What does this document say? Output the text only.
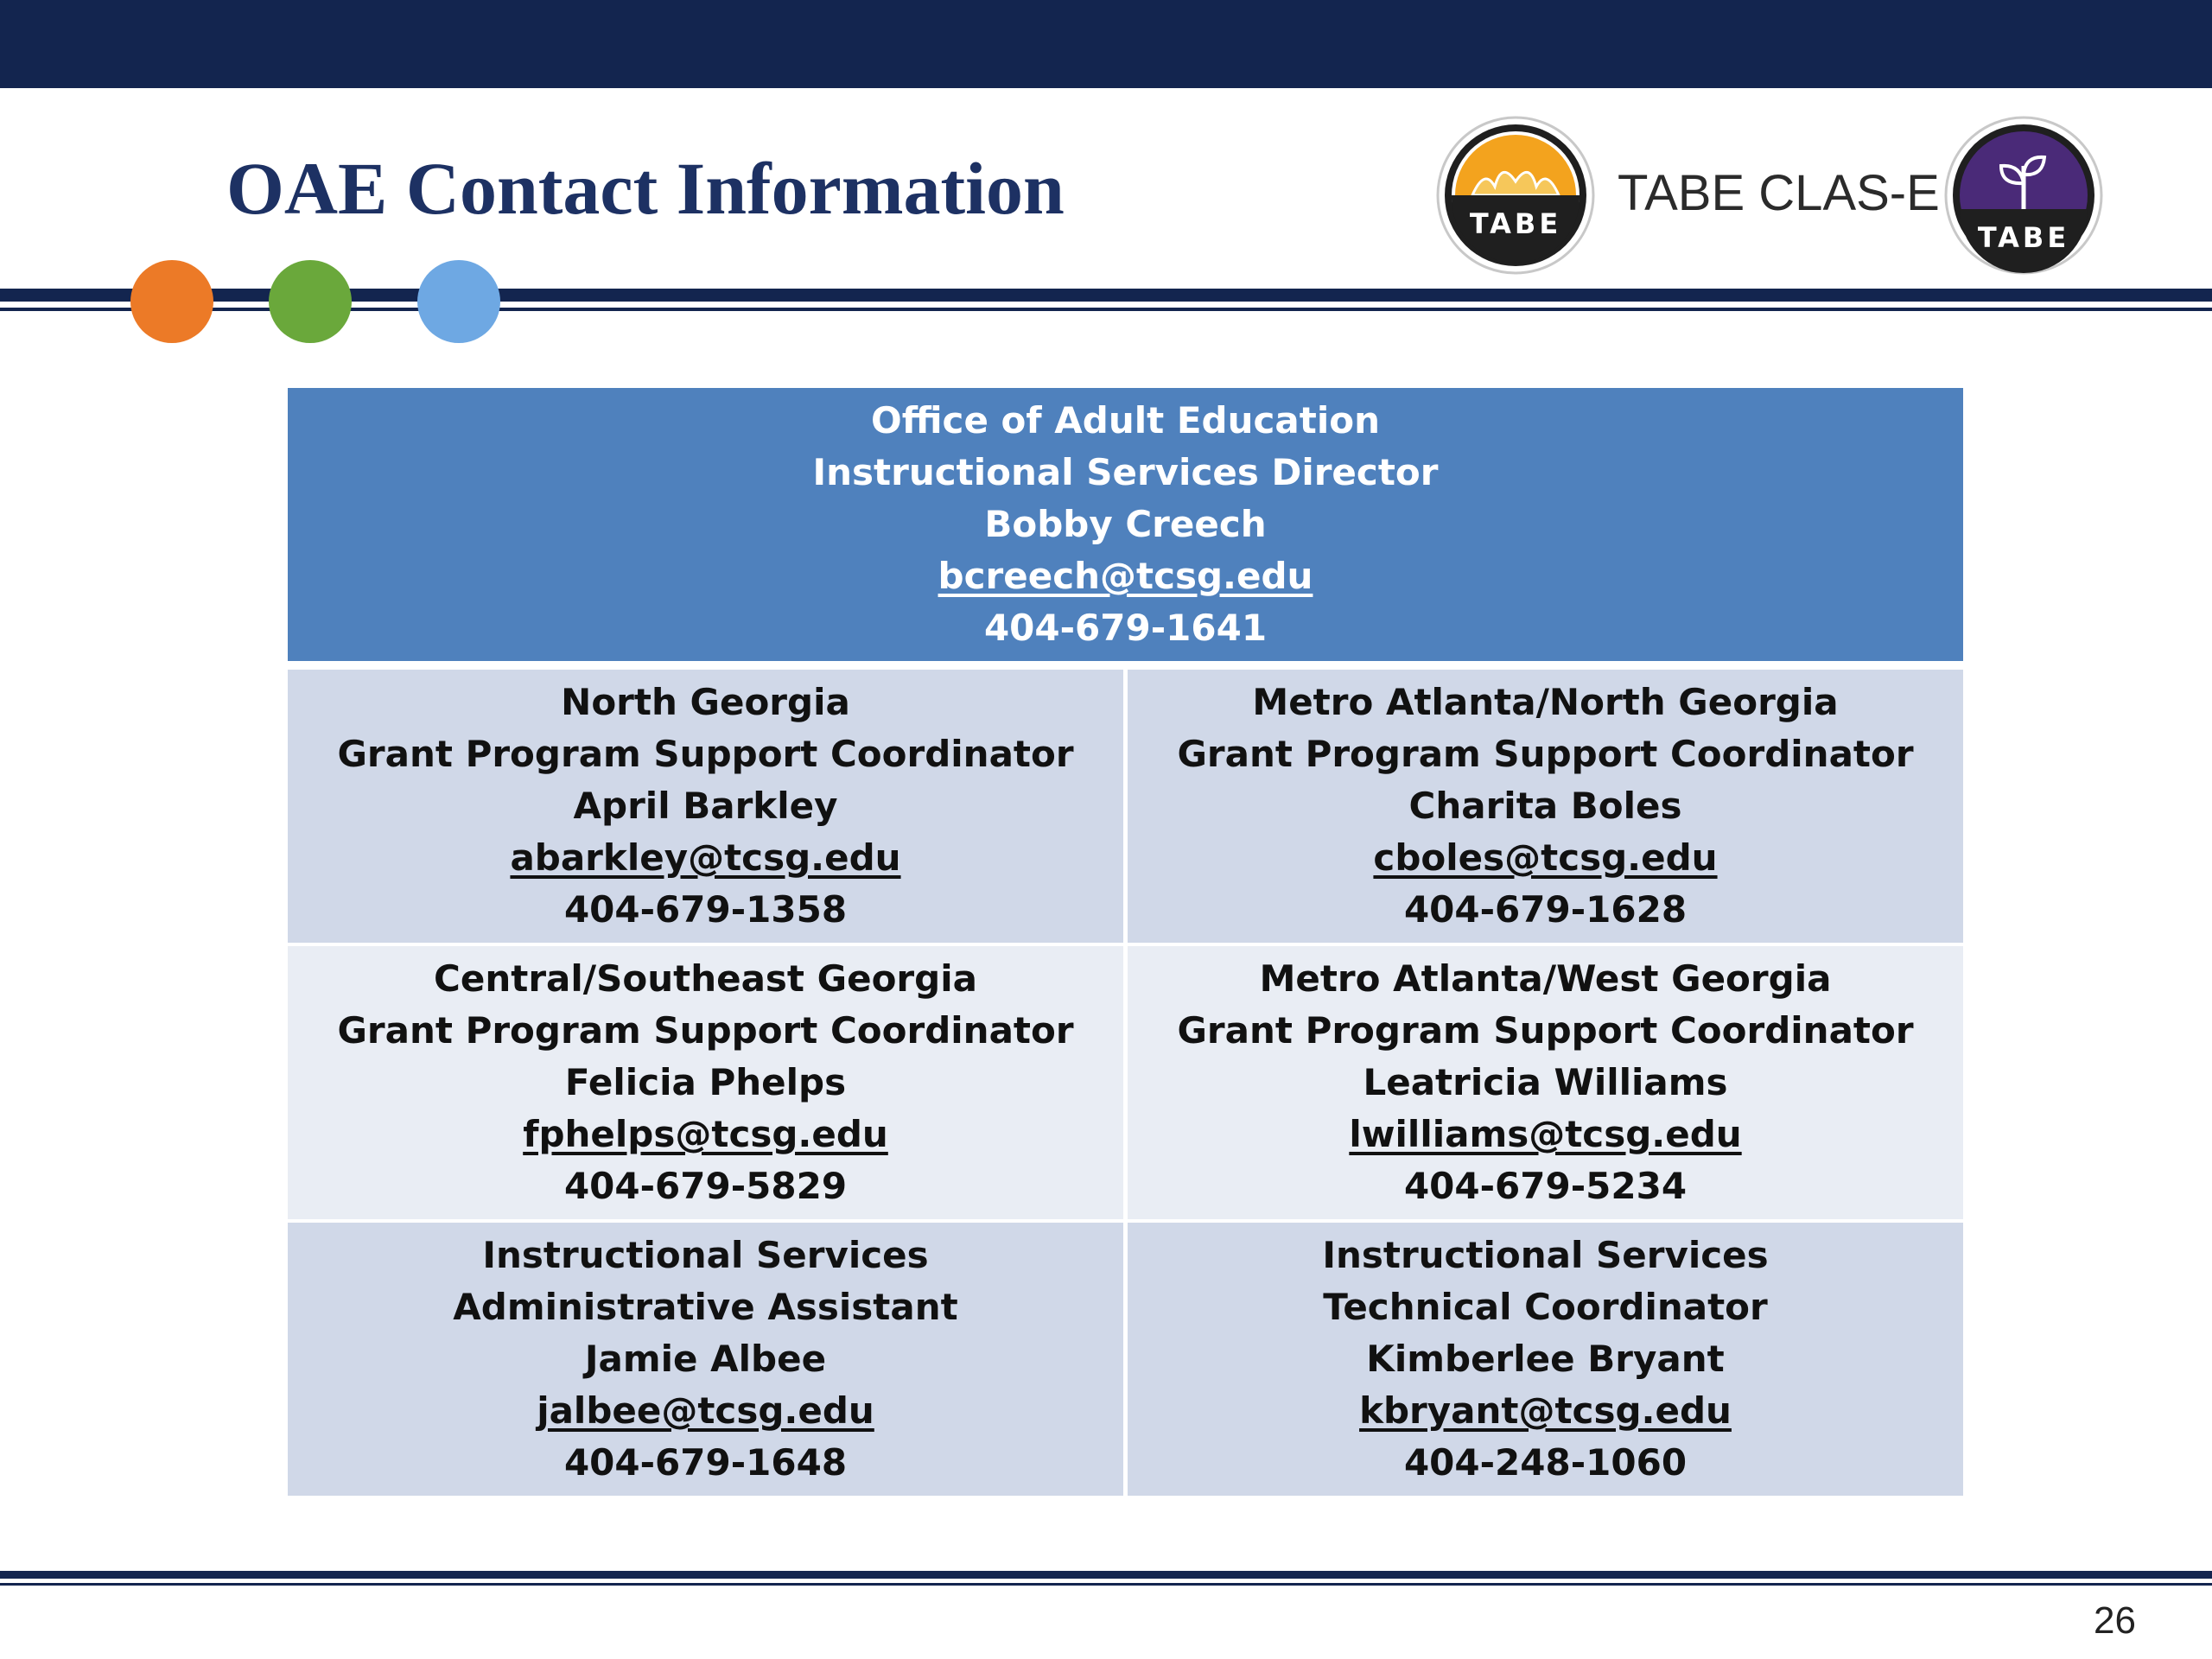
OAE Contact Information	TABE
TABE CLAS-E
TABE
Office of Adult Education
Instructional Services Director
Bobby Creech
bcreech@tcsg.edu
404-679-1641
North Georgia
Grant Program Support Coordinator
April Barkley
abarkley@tcsg.edu
404-679-1358
Metro Atlanta/North Georgia
Grant Program Support Coordinator
Charita Boles
cboles@tcsg.edu
404-679-1628
Central/Southeast Georgia
Grant Program Support Coordinator
Felicia Phelps
fphelps@tcsg.edu
404-679-5829
Metro Atlanta/West Georgia
Grant Program Support Coordinator
Leatricia Williams
lwilliams@tcsg.edu
404-679-5234
Instructional Services
Administrative Assistant
Jamie Albee
jalbee@tcsg.edu
404-679-1648
Instructional Services
Technical Coordinator
Kimberlee Bryant
kbryant@tcsg.edu
404-248-1060
26
